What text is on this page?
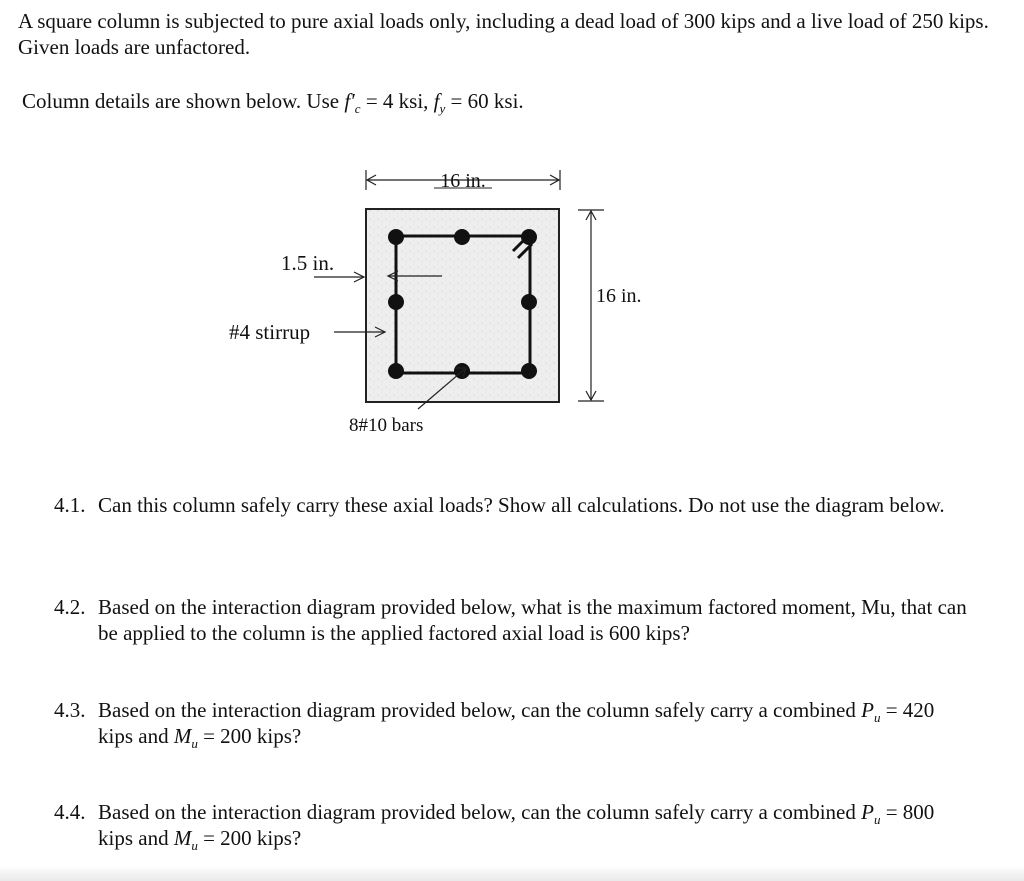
A square column is subjected to pure axial loads only, including a dead load of 300 kips and a live load of 250 kips. Given loads are unfactored.

Column details are shown below. Use $f'_c = 4$ ksi, $f_y = 60$ ksi.

16 in.
16 in.
1.5 in.
#4 stirrup
8#10 bars
4.1. Can this column safely carry these axial loads? Show all calculations. Do not use the diagram below.
4.2. Based on the interaction diagram provided below, what is the maximum factored moment, Mu, that can be applied to the column is the applied factored axial load is 600 kips?
4.3. Based on the interaction diagram provided below, can the column safely carry a combined $P_u = 420$ kips and $M_u = 200$ kips?
4.4. Based on the interaction diagram provided below, can the column safely carry a combined $P_u = 800$ kips and $M_u = 200$ kips?
